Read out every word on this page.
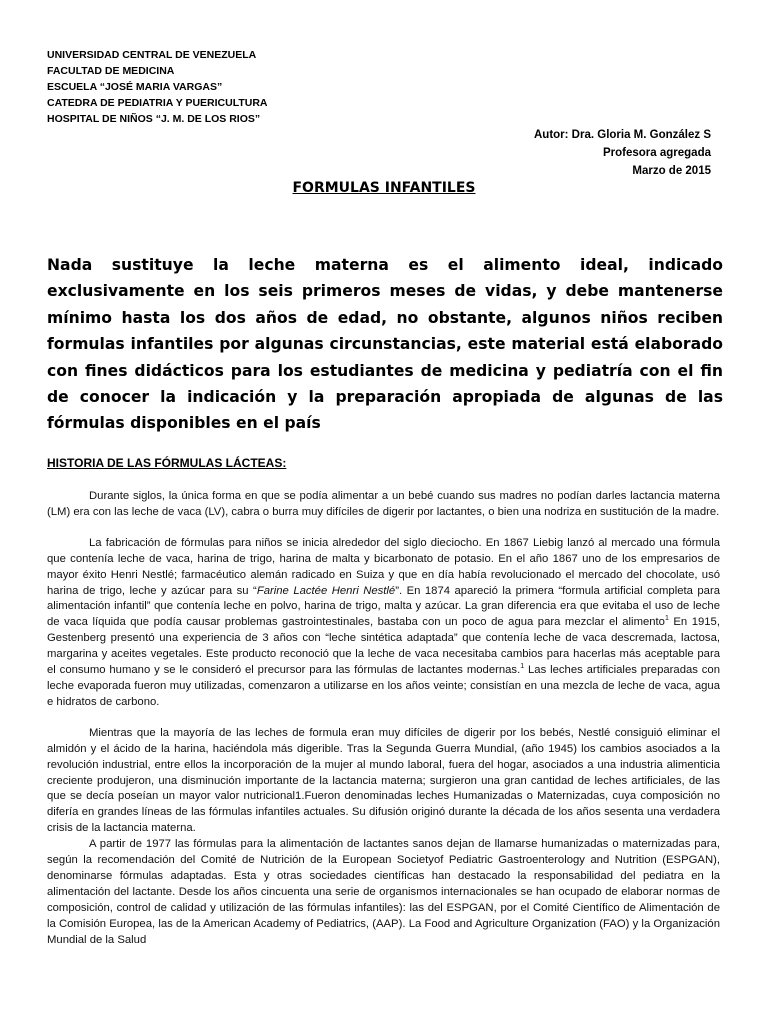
UNIVERSIDAD CENTRAL DE VENEZUELA
FACULTAD DE MEDICINA
ESCUELA “JOSÉ MARIA VARGAS”
CATEDRA DE PEDIATRIA Y PUERICULTURA
HOSPITAL DE NIÑOS “J. M. DE LOS RIOS”
Autor: Dra. Gloria M. González S
Profesora agregada
Marzo de 2015
FORMULAS INFANTILES
Nada sustituye la leche materna es el alimento ideal, indicado exclusivamente en los seis primeros meses de vidas, y debe mantenerse mínimo hasta los dos años de edad, no obstante, algunos niños reciben formulas infantiles por algunas circunstancias, este material está elaborado con fines didácticos para los estudiantes de medicina y pediatría con el fin de conocer la indicación y la preparación apropiada de algunas de las fórmulas disponibles en el país
HISTORIA DE LAS FÓRMULAS LÁCTEAS:

Durante siglos, la única forma en que se podía alimentar a un bebé cuando sus madres no podían darles lactancia materna (LM) era con las leche de vaca (LV), cabra o burra muy difíciles de digerir por lactantes, o bien una nodriza en sustitución de la madre.

La fabricación de fórmulas para niños se inicia alrededor del siglo dieciocho. En 1867 Liebig lanzó al mercado una fórmula que contenía leche de vaca, harina de trigo, harina de malta y bicarbonato de potasio. En el año 1867 uno de los empresarios de mayor éxito Henri Nestlé; farmacéutico alemán radicado en Suiza y que en día había revolucionado el mercado del chocolate, usó harina de trigo, leche y azúcar para su “Farine Lactée Henri Nestlé”. En 1874 apareció la primera “formula artificial completa para alimentación infantil” que contenía leche en polvo, harina de trigo, malta y azúcar. La gran diferencia era que evitaba el uso de leche de vaca líquida que podía causar problemas gastrointestinales, bastaba con un poco de agua para mezclar el alimento$^1$ En 1915, Gestenberg presentó una experiencia de 3 años con “leche sintética adaptada” que contenía leche de vaca descremada, lactosa, margarina y aceites vegetales. Este producto reconoció que la leche de vaca necesitaba cambios para hacerlas más aceptable para el consumo humano y se le consideró el precursor para las fórmulas de lactantes modernas.$^1$ Las leches artificiales preparadas con leche evaporada fueron muy utilizadas, comenzaron a utilizarse en los años veinte; consistían en una mezcla de leche de vaca, agua e hidratos de carbono.

Mientras que la mayoría de las leches de formula eran muy difíciles de digerir por los bebés, Nestlé consiguió eliminar el almidón y el ácido de la harina, haciéndola más digerible. Tras la Segunda Guerra Mundial, (año 1945) los cambios asociados a la revolución industrial, entre ellos la incorporación de la mujer al mundo laboral, fuera del hogar, asociados a una industria alimenticia creciente produjeron, una disminución importante de la lactancia materna; surgieron una gran cantidad de leches artificiales, de las que se decía poseían un mayor valor nutricional1.Fueron denominadas leches Humanizadas o Maternizadas, cuya composición no difería en grandes líneas de las fórmulas infantiles actuales. Su difusión originó durante la década de los años sesenta una verdadera crisis de la lactancia materna.

A partir de 1977 las fórmulas para la alimentación de lactantes sanos dejan de llamarse humanizadas o maternizadas para, según la recomendación del Comité de Nutrición de la European Societyof Pediatric Gastroenterology and Nutrition (ESPGAN), denominarse fórmulas adaptadas. Esta y otras sociedades científicas han destacado la responsabilidad del pediatra en la alimentación del lactante. Desde los años cincuenta una serie de organismos internacionales se han ocupado de elaborar normas de composición, control de calidad y utilización de las fórmulas infantiles): las del ESPGAN, por el Comité Científico de Alimentación de la Comisión Europea, las de la American Academy of Pediatrics, (AAP). La Food and Agriculture Organization (FAO) y la Organización Mundial de la Salud
